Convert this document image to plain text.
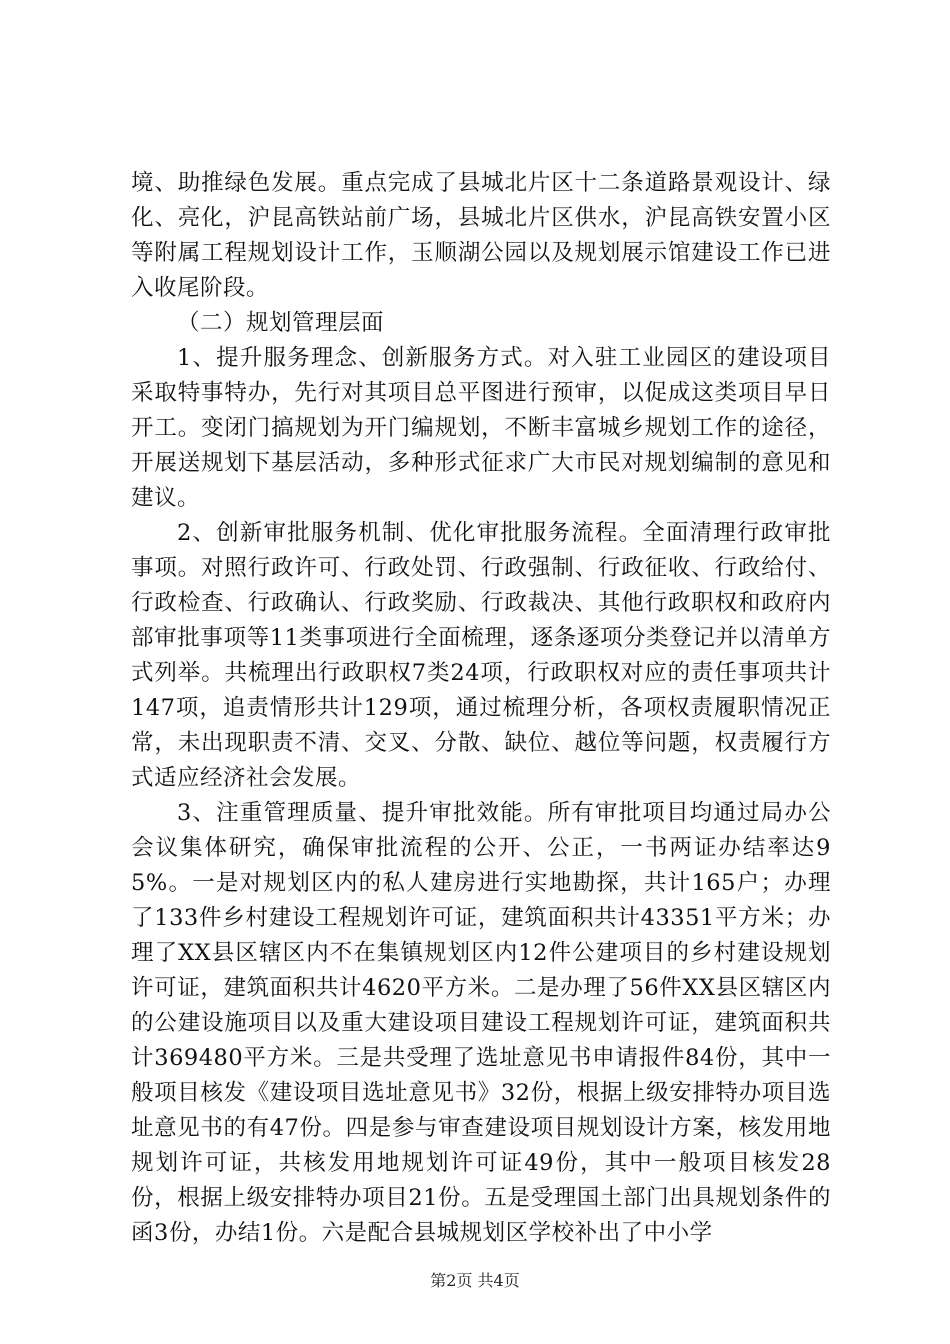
境、助推绿色发展。重点完成了县城北片区十二条道路景观设计、绿化、亮化，沪昆高铁站前广场，县城北片区供水，沪昆高铁安置小区等附属工程规划设计工作，玉顺湖公园以及规划展示馆建设工作已进入收尾阶段。

（二）规划管理层面

1、提升服务理念、创新服务方式。对入驻工业园区的建设项目采取特事特办，先行对其项目总平图进行预审，以促成这类项目早日开工。变闭门搞规划为开门编规划，不断丰富城乡规划工作的途径，开展送规划下基层活动，多种形式征求广大市民对规划编制的意见和建议。

2、创新审批服务机制、优化审批服务流程。全面清理行政审批事项。对照行政许可、行政处罚、行政强制、行政征收、行政给付、行政检查、行政确认、行政奖励、行政裁决、其他行政职权和政府内部审批事项等11类事项进行全面梳理，逐条逐项分类登记并以清单方式列举。共梳理出行政职权7类24项，行政职权对应的责任事项共计147项，追责情形共计129项，通过梳理分析，各项权责履职情况正常，未出现职责不清、交叉、分散、缺位、越位等问题，权责履行方式适应经济社会发展。

3、注重管理质量、提升审批效能。所有审批项目均通过局办公会议集体研究，确保审批流程的公开、公正，一书两证办结率达95%。一是对规划区内的私人建房进行实地勘探，共计165户；办理了133件乡村建设工程规划许可证，建筑面积共计43351平方米；办理了XX县区辖区内不在集镇规划区内12件公建项目的乡村建设规划许可证，建筑面积共计4620平方米。二是办理了56件XX县区辖区内的公建设施项目以及重大建设项目建设工程规划许可证，建筑面积共计369480平方米。三是共受理了选址意见书申请报件84份，其中一般项目核发《建设项目选址意见书》32份，根据上级安排特办项目选址意见书的有47份。四是参与审查建设项目规划设计方案，核发用地规划许可证，共核发用地规划许可证49份，其中一般项目核发28份，根据上级安排特办项目21份。五是受理国土部门出具规划条件的函3份，办结1份。六是配合县城规划区学校补出了中小学

第2页 共4页
